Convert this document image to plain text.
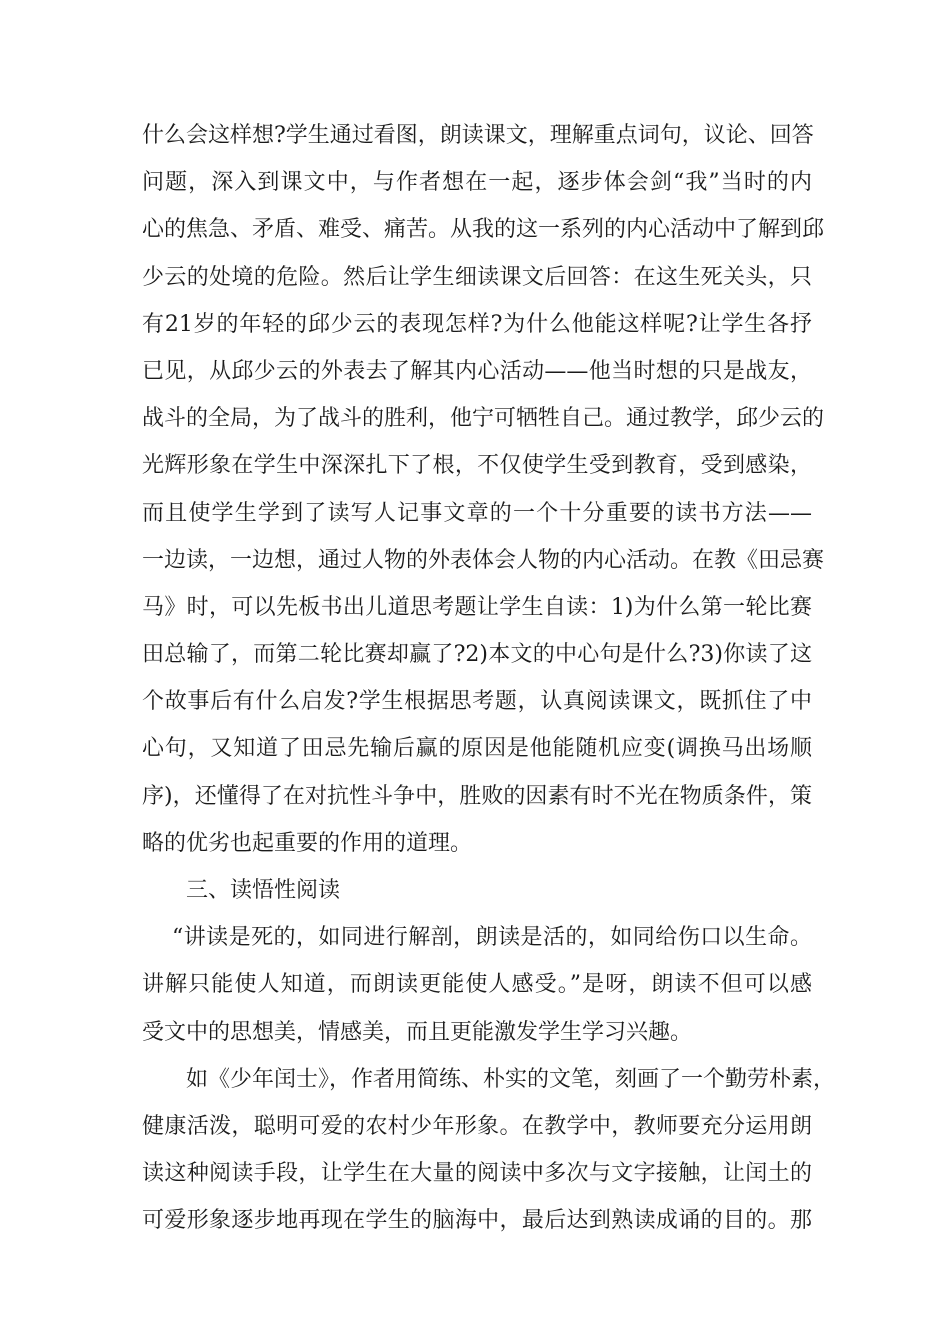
什么会这样想?学生通过看图，朗读课文，理解重点词句，议论、回答
问题，深入到课文中，与作者想在一起，逐步体会剑“我”当时的内
心的焦急、矛盾、难受、痛苦。从我的这一系列的内心活动中了解到邱
少云的处境的危险。然后让学生细读课文后回答：在这生死关头，只
有21岁的年轻的邱少云的表现怎样?为什么他能这样呢?让学生各抒
已见，从邱少云的外表去了解其内心活动——他当时想的只是战友，
战斗的全局，为了战斗的胜利，他宁可牺牲自己。通过教学，邱少云的
光辉形象在学生中深深扎下了根，不仅使学生受到教育，受到感染，
而且使学生学到了读写人记事文章的一个十分重要的读书方法——
一边读，一边想，通过人物的外表体会人物的内心活动。在教《田忌赛
马》时，可以先板书出儿道思考题让学生自读：1)为什么第一轮比赛
田总输了，而第二轮比赛却赢了?2)本文的中心句是什么?3)你读了这
个故事后有什么启发?学生根据思考题，认真阅读课文，既抓住了中
心句，又知道了田忌先输后赢的原因是他能随机应变(调换马出场顺
序)，还懂得了在对抗性斗争中，胜败的因素有时不光在物质条件，策
略的优劣也起重要的作用的道理。
三、读悟性阅读
“讲读是死的，如同进行解剖，朗读是活的，如同给伤口以生命。
讲解只能使人知道，而朗读更能使人感受。”是呀，朗读不但可以感
受文中的思想美，情感美，而且更能激发学生学习兴趣。
如《少年闰士》，作者用简练、朴实的文笔，刻画了一个勤劳朴素，
健康活泼，聪明可爱的农村少年形象。在教学中，教师要充分运用朗
读这种阅读手段，让学生在大量的阅读中多次与文字接触，让闰土的
可爱形象逐步地再现在学生的脑海中，最后达到熟读成诵的目的。那
